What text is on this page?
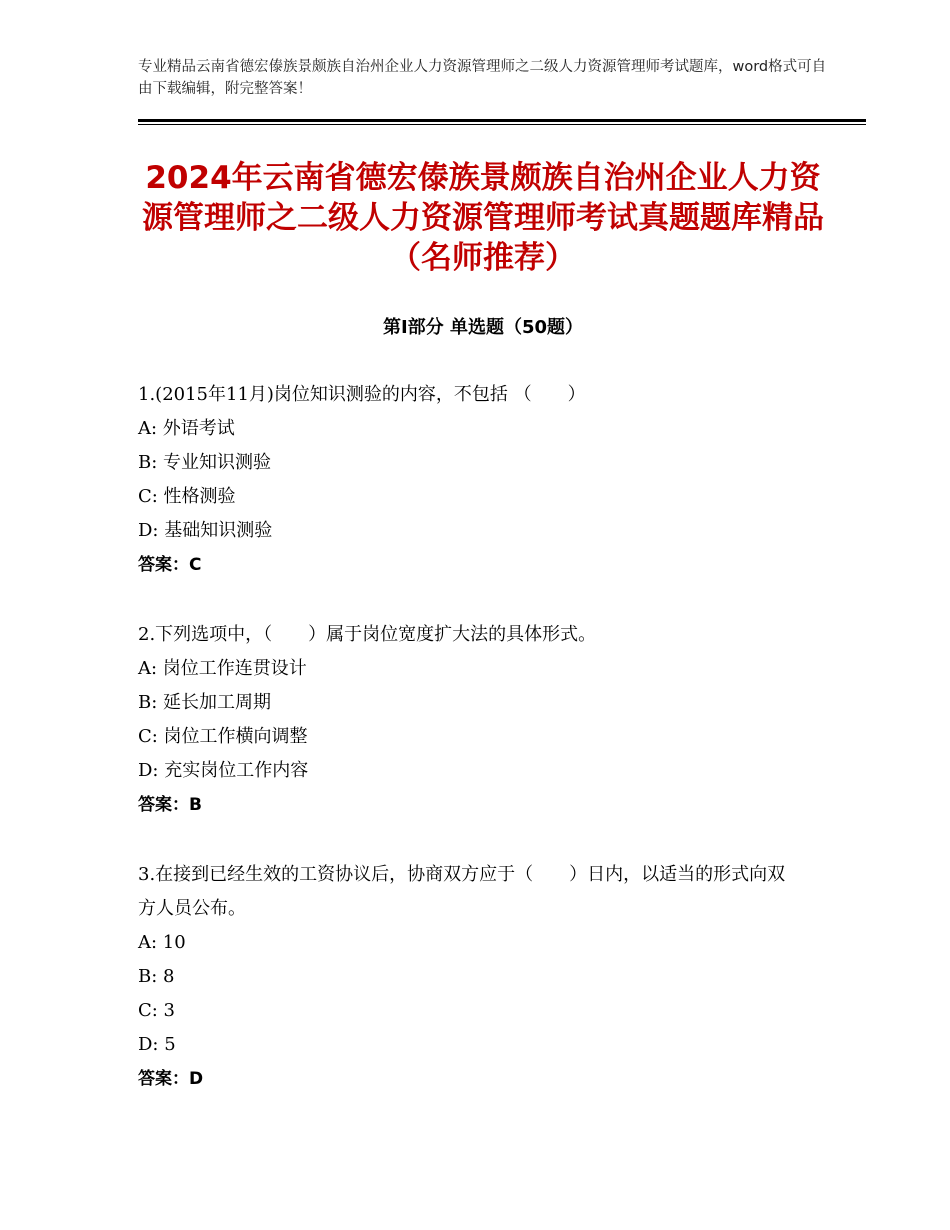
专业精品云南省德宏傣族景颇族自治州企业人力资源管理师之二级人力资源管理师考试题库，word格式可自由下载编辑，附完整答案！
2024年云南省德宏傣族景颇族自治州企业人力资源管理师之二级人力资源管理师考试真题题库精品（名师推荐）
第Ⅰ部分 单选题（50题）

1.(2015年11月)岗位知识测验的内容，不包括 （　　）

A: 外语考试

B: 专业知识测验

C: 性格测验

D: 基础知识测验

答案：C

2.下列选项中，（　　）属于岗位宽度扩大法的具体形式。

A: 岗位工作连贯设计

B: 延长加工周期

C: 岗位工作横向调整

D: 充实岗位工作内容

答案：B

3.在接到已经生效的工资协议后，协商双方应于（　　）日内，以适当的形式向双方人员公布。

A: 10

B: 8

C: 3

D: 5

答案：D
